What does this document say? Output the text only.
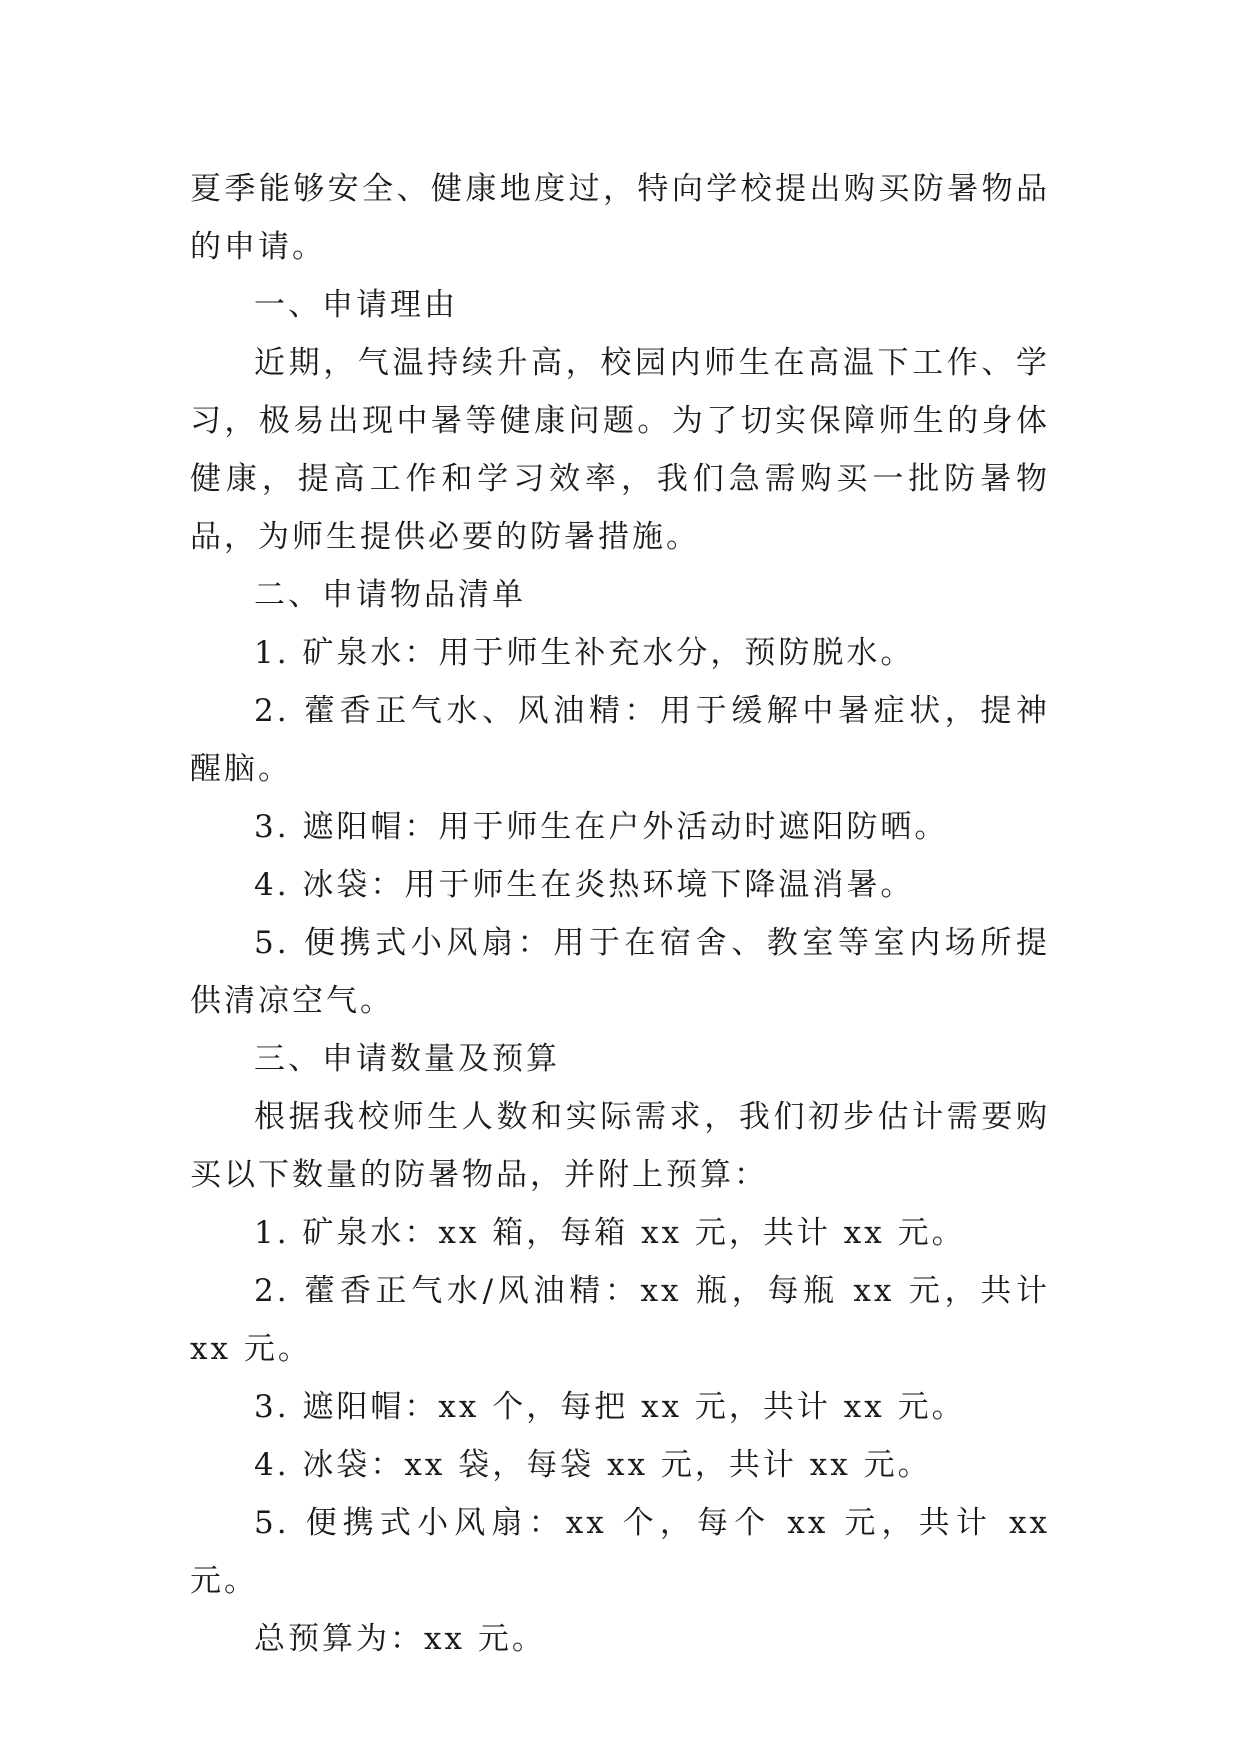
夏季能够安全、健康地度过，特向学校提出购买防暑物品的申请。

一、申请理由

近期，气温持续升高，校园内师生在高温下工作、学习，极易出现中暑等健康问题。为了切实保障师生的身体健康，提高工作和学习效率，我们急需购买一批防暑物品，为师生提供必要的防暑措施。

二、申请物品清单

1. 矿泉水：用于师生补充水分，预防脱水。

2. 藿香正气水、风油精：用于缓解中暑症状，提神醒脑。

3. 遮阳帽：用于师生在户外活动时遮阳防晒。

4. 冰袋：用于师生在炎热环境下降温消暑。

5. 便携式小风扇：用于在宿舍、教室等室内场所提供清凉空气。

三、申请数量及预算

根据我校师生人数和实际需求，我们初步估计需要购买以下数量的防暑物品，并附上预算：

1. 矿泉水：xx 箱，每箱 xx 元，共计 xx 元。

2. 藿香正气水/风油精：xx 瓶，每瓶 xx 元，共计 xx 元。

3. 遮阳帽：xx 个，每把 xx 元，共计 xx 元。

4. 冰袋：xx 袋，每袋 xx 元，共计 xx 元。

5. 便携式小风扇：xx 个，每个 xx 元，共计 xx 元。

总预算为：xx 元。
